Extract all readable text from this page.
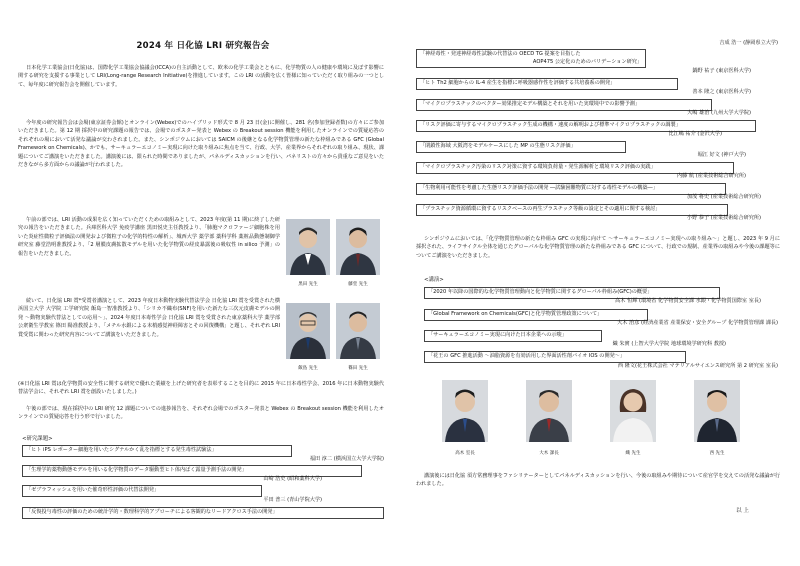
2024 年 日化協 LRI 研究報告会
日本化学工業協会(日化協)は、国際化学工業協会協議会(ICCA)の自主活動として、欧米の化学工業会とともに、化学物質の人の健康や環境に及ぼす影響に関する研究を支援する事業として LRI(Long-range Research Initiative)を推進しています。この LRI の活動を広く皆様に知っていただく取り組みの一つとして、毎年度に研究報告会を開催しています。
今年度の研究報告会は会場(東京証券会館)とオンライン(Webex)でのハイブリッド形式で 8 月 23 日(金)に開催し、281 名(参加登録者数)の方々にご参加いただきました。第 12 期 採択中の研究課題の報告では、会場でのポスター発表と Webex の Breakout session 機能を利用したオンラインでの質疑応答のそれぞれの場において活発な議論が交わされました。また、シンポジウムにおいては SAICM の後継となる化学物質管理の新たな枠組みである GFC (Global Framework on Chemicals)、かでも、サーキュラーエコノミー実現に向けた取り組みに焦点を当て、行政、大学、産業界からそれぞれの取り組み、現状、課題についてご講演をいただきました。講演後には、限られた時間でありましたが、パネルディスカッションを行い、パネリストの方々から貴重なご意見をいただきながら多方面からの議論が行われました。
午前の部では、LRI 活動の成果を広く知っていただくための取組みとして、2023 年度(第 11 期)に終了した研究の報告をいただきました。兵庫医科大学 免疫学講座 黒田悦史主任教授より、「肺胞マクロファージ細胞株を用いた炎症性微粒子評価法の開発および微粒子の化学的特性の解析」、城西大学 薬学部 薬科学科 薬粧品動態制御学研究室 藤堂浩明准教授より、「2 層膜皮膚拡散モデルを用いた化学物質の経皮暴露後の吸収性 in silico 予測」の報告をいただきました。
黒田 先生	藤堂 先生
続いて、日化協 LRI 賞*受賞者講演として、2023 年度日本動物実験代替法学会 日化協 LRI 賞を受賞された横浜国立大学 大学院 工学研究院 飯島一智准教授より、「シリカ不織布(SNF)を用いた新たな三次元皮膚モデルの開発 〜動物実験代替法としての応用〜」、2024 年度日本毒性学会 日化協 LRI 賞を受賞された東京薬科大学 薬学部 公衆衛生学教室 篠田 陽准教授より、「メチル水銀による末梢感覚神経障害とその回復機構」と題し、それぞれ LRI 賞受賞に関わった研究内容についてご講演をいただきました。
飯島 先生	篠田 先生
(※日化協 LRI 賞は化学物質の安全性に関する研究で優れた業績を上げた研究者を表彰することを目的に 2015 年に日本毒性学会、2016 年に日本動物実験代替法学会に、それぞれ LRI 賞を創設いたしました。)
午後の部では、現在採択中の LRI 研究 12 課題についての進捗報告を、それぞれ会場でのポスター発表と Webex の Breakout session 機能を利用したオンラインでの質疑応答を行う形で行いました。
<研究課題>
「ヒト iPS レポーター細胞を用いたシグナルかく乱を指標とする発生毒性試験法」
福田 淳二 (横浜国立大学大学院)
「生理学的薬物動態モデルを用いる化学物質のデータ駆動型ヒト体内ばく露量予測手法の開発」
山崎 浩史 (昭和薬科大学)
「ゼブラフィッシュを用いた催奇形性評価の代替法開発」
平田 普三 (青山学院大学)
「反復投与毒性の評価のための統計学的・数理科学的アプローチによる客観的なリードアクロス手法の開発」
吉成 浩一 (静岡県立大学)
「神経毒性・発達神経毒性試験の代替法の OECD TG 提案を目指した
AOP475 公定化のためのバリデーション研究」
鍋野 祐子 (東京医科大学)
「ヒト Th2 細胞からの IL-4 産生を指標に呼吸器感作性を評価する共培養系の開発」
善本 隆之 (東京医科大学)
「マイクロプラスチックのベクター効果推定モデル構築とそれを用いた実環境中での影響予測」
大嶋 雄治 (九州大学大学院)
「リスク評価に寄与するマイクロプラスチック生成の機構・速度の解明および標準マイクロプラスチックの調製」
比江嶋 祐介 (金沢大学)
「閉鎖性海域 大阪湾をモデルケースにした MP の生態リスク評価」
堀江 好文 (神戸大学)
「マイクロプラスチック汚染のリスク対策に資する環境負荷量・発生源解析と環境リスク評価の実践」
内藤 航 (産業技術総合研究所)
「生物利用可能性を考慮した生態リスク評価手法の開発 ―試験困難物質に対する毒性モデルの構築―」
加茂 将史 (産業技術総合研究所)
「プラスチック資源循環に資するリスクベースの再生プラスチック等級の設定とその適用に関する検討」
小野 恭子 (産業技術総合研究所)
シンポジウムにおいては、「化学物質管理の新たな枠組み GFC の実現に向けて 〜サーキュラーエコノミー実現への取り組み〜」と題し、2023 年 9 月に採択された、ライフサイクル全体を通じたグローバルな化学物質管理の新たな枠組みである GFC について、行政での規制、産業界の取組みや今後の課題等についてご講演をいただきました。
<講演>
「2020 年以降の国際的な化学物質管理動向と化学物質に関するグローバル枠組み(GFC)の概要」
高木 恒輝 (環境省 化学物質安全課 水銀・化学物質国際室 室長)
「Global Framework on Chemicals(GFC)と化学物質管理政策について」
大木 治彦 (経済産業省 産業保安・安全グループ 化学物質管理課 課長)
「サーキュラーエコノミー実現に向けた日本企業への示唆」
織 朱實 (上智大学大学院 地球環境学研究科 教授)
「花王の GFC 推進活動 〜油脂資源を有効活用した界面活性剤バイオ IOS の開発〜」
西 隆文(花王株式会社 マテリアルサイエンス研究所 第 2 研究室 室長)
高木 室長	大木 課長	織 先生	西 先生
講演後には日化協 須方常務理事をファシリテーターとしてパネルディスカッションを行い、今後の取組みや期待について産官学を交えての活発な議論が行われました。
以 上
